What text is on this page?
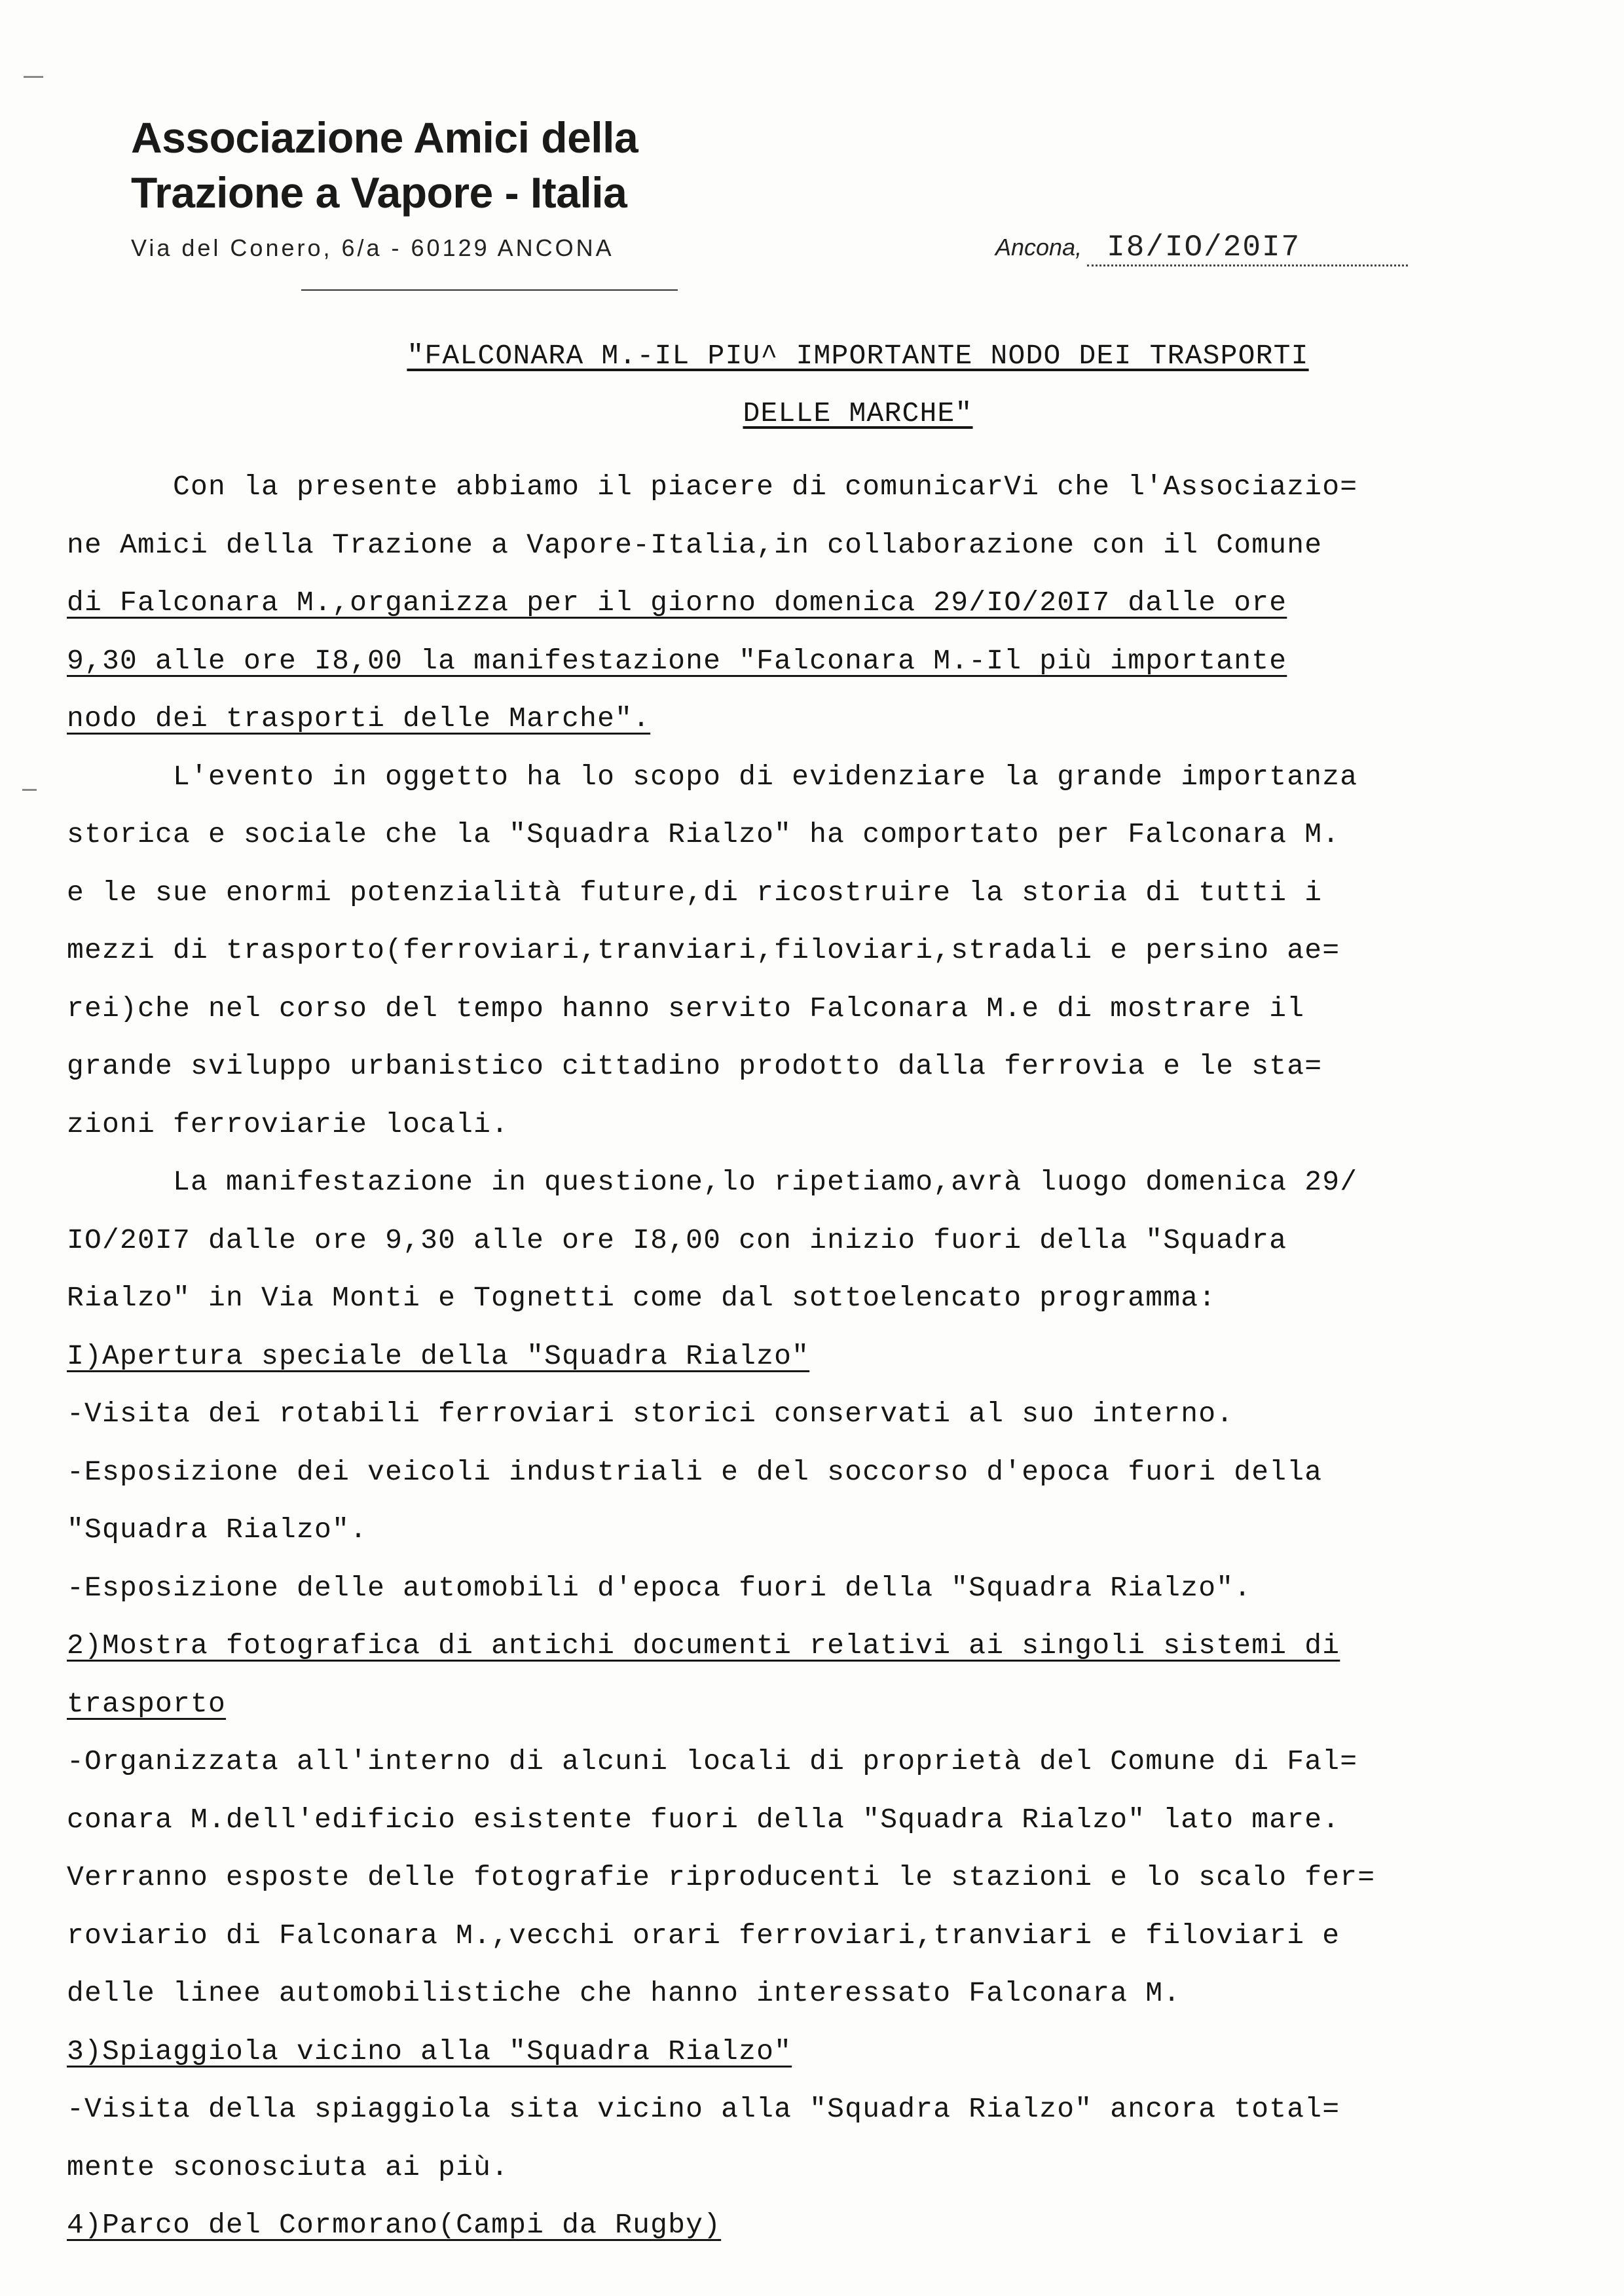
Associazione Amici della
Trazione a Vapore - Italia
Via del Conero, 6/a - 60129 ANCONA	Ancona, I8/IO/20I7
"FALCONARA M.-IL PIU^ IMPORTANTE NODO DEI TRASPORTI
DELLE MARCHE"
Con la presente abbiamo il piacere di comunicarVi che l'Associazio=
ne Amici della Trazione a Vapore-Italia,in collaborazione con il Comune
di Falconara M.,organizza per il giorno domenica 29/IO/20I7 dalle ore
9,30 alle ore I8,00 la manifestazione "Falconara M.-Il più importante
nodo dei trasporti delle Marche".
L'evento in oggetto ha lo scopo di evidenziare la grande importanza
storica e sociale che la "Squadra Rialzo" ha comportato per Falconara M.
e le sue enormi potenzialità future,di ricostruire la storia di tutti i
mezzi di trasporto(ferroviari,tranviari,filoviari,stradali e persino ae=
rei)che nel corso del tempo hanno servito Falconara M.e di mostrare il
grande sviluppo urbanistico cittadino prodotto dalla ferrovia e le sta=
zioni ferroviarie locali.
La manifestazione in questione,lo ripetiamo,avrà luogo domenica 29/
IO/20I7 dalle ore 9,30 alle ore I8,00 con inizio fuori della "Squadra
Rialzo" in Via Monti e Tognetti come dal sottoelencato programma:
I)Apertura speciale della "Squadra Rialzo"
-Visita dei rotabili ferroviari storici conservati al suo interno.
-Esposizione dei veicoli industriali e del soccorso d'epoca fuori della
"Squadra Rialzo".
-Esposizione delle automobili d'epoca fuori della "Squadra Rialzo".
2)Mostra fotografica di antichi documenti relativi ai singoli sistemi di
trasporto
-Organizzata all'interno di alcuni locali di proprietà del Comune di Fal=
conara M.dell'edificio esistente fuori della "Squadra Rialzo" lato mare.
Verranno esposte delle fotografie riproducenti le stazioni e lo scalo fer=
roviario di Falconara M.,vecchi orari ferroviari,tranviari e filoviari e
delle linee automobilistiche che hanno interessato Falconara M.
3)Spiaggiola vicino alla "Squadra Rialzo"
-Visita della spiaggiola sita vicino alla "Squadra Rialzo" ancora total=
mente sconosciuta ai più.
4)Parco del Cormorano(Campi da Rugby)
